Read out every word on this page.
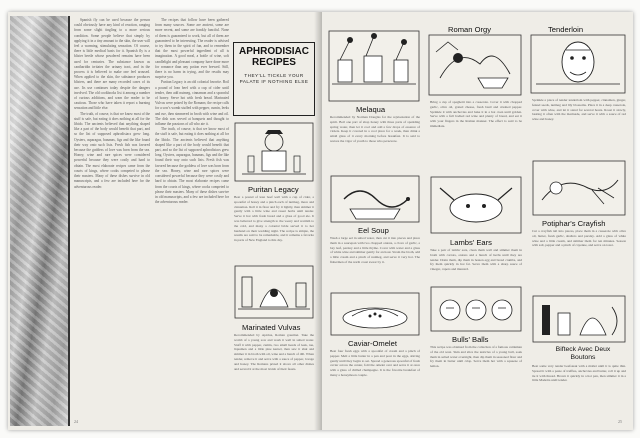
Spanish fly can be used because the person could obviously have any kind of reaction, ranging from some slight tingling to a more serious condition. Some people believe that simply by applying it in a tiny amount to the skin, the user will feel a warming, stimulating sensation. Of course, there is little medical basis for it. Spanish fly is a blister beetle whose powdered remains have been used for centuries. The substance known as cantharidin irritates the urinary tract, and in the process it is believed to make one feel aroused. When applied to the skin, the substance produces blisters, and there are many recorded cases of its use. Its use continues today despite the dangers involved. The old cookbooks list it among a number of curious additions, and warn the reader to be cautious. Those who have taken it report a burning sensation and little else.

The truth, of course, is that we know most of the stuff is safe, but eating it does nothing at all for the libido. The ancients believed that anything shaped like a part of the body would benefit that part, and so the list of supposed aphrodisiacs grew long. Oysters, asparagus, bananas, figs and the like found their way onto such lists. Fresh fish was favored because the goddess of love was born from the sea. Honey, wine and rare spices were considered powerful because they were costly and hard to obtain. The most elaborate recipes came from the courts of kings, where cooks competed to please their masters. Many of these dishes survive in old manuscripts, and a few are included here for the adventurous reader.

The recipes that follow have been gathered from many sources. Some are ancient, some are more recent, and some are frankly fanciful. None of them is guaranteed to work, but all of them are guaranteed to be interesting. The reader is advised to try them in the spirit of fun, and to remember that the most powerful ingredient of all is imagination. A good meal, a bottle of wine, soft candlelight and pleasant company have done more for romance than any potion ever brewed. Still, there is no harm in trying, and the results may surprise you.

Puritan Legacy is an old colonial favorite. Boil a pound of lean beef with a cup of cider until tender, then add nutmeg, cinnamon and a spoonful of honey. Serve hot with fresh bread. Marinated Vulvas were prized by the Romans; the recipe calls for a sow's womb stuffed with pepper, cumin, leeks and rue, then simmered in broth with wine and oil. The dish was served at banquets and thought to inflame the passions of all who ate it.

The truth, of course, is that we know most of the stuff is safe, but eating it does nothing at all for the libido. The ancients believed that anything shaped like a part of the body would benefit that part, and so the list of supposed aphrodisiacs grew long. Oysters, asparagus, bananas, figs and the like found their way onto such lists. Fresh fish was favored because the goddess of love was born from the sea. Honey, wine and rare spices were considered powerful because they were costly and hard to obtain. The most elaborate recipes came from the courts of kings, where cooks competed to please their masters. Many of these dishes survive in old manuscripts, and a few are included here for the adventurous reader.

APHRODISIAC RECIPES
THEY'LL TICKLE YOUR PALATE IF NOTHING ELSE
Puritan Legacy

Beat a pound of lean beef well with a cup of cider, a spoonful of honey and a pinch each of nutmeg, mace and cinnamon. Roll it in flour and fry it lightly, then simmer it gently with a little wine and sweet herbs until tender. Serve it hot with fresh bread and a glass of good ale. It was believed to give strength to the weary and warmth to the cold, and many a colonial bride served it to her husband on their wedding night. The recipe is simple, the results are said to be remarkable, and it remains a favorite in parts of New England to this day.

Marinated Vulvas

Recommended by Apicius, Roman gourmet. Take the womb of a young sow and wash it well in salted water. Stuff it with pepper, cumin, two small heads of leek, rue, liquamen and a little pine kernel, then sew it shut and simmer it in broth with oil, wine and a bunch of dill. When tender, remove it and serve with a sauce of pepper, lovage and honey. The Romans prized it above all other dishes and served it at the most lavish of their feasts.

24
Melaqua

Recommended by Norman Douglas for the rejuvenation of the spirit. Boil one part of shop honey with three parts of sparkling spring water, then let it cool and add a few drops of essence of violets. Keep it covered in a cool place for a week, then drink a small glass of it every morning before breakfast. It is said to restore the vigor of youth to those who persevere.

Eel Soup

Wash a large eel in salted water, then cut it into pieces and place them in a saucepan with two chopped onions, a clove of garlic, a bay leaf, parsley and a little thyme. Cover with water and a glass of white wine and simmer gently for an hour. Strain the broth, add a little cream and a pinch of nutmeg, and serve it very hot. The fishermen of the north coast swear by it.

Caviar-Omelet

Beat four fresh eggs with a spoonful of cream and a pinch of pepper. Melt a little butter in a pan and pour in the eggs, stirring gently until they begin to set. Spread a generous spoonful of fresh caviar across the center, fold the omelet over and serve it at once with a glass of chilled champagne. It is the favorite breakfast of many a honeymoon couple.

Roman Orgy

Bring a cup of spaghetti into a casserole. Cover it with chopped garlic, olive oil, grated cheese, fresh basil and crushed pepper. Sprinkle it with anchovies and bake it in a hot oven until golden. Serve with a full bodied red wine and plenty of bread, and eat it with your fingers in the Roman manner. The effect is said to be immediate.

Lambs' Ears

Take a pair of lambs' ears, clean them well and simmer them in broth with carrots, onions and a bunch of herbs until they are tender. Drain them, dip them in beaten egg and bread crumbs, and fry them quickly in hot fat. Serve them with a sharp sauce of vinegar, capers and mustard.

Bulls' Balls

This recipe was obtained from the collection of a famous cattleman of the old west. Skin and slice the testicles of a young bull, soak them in salted water overnight, then dip them in seasoned flour and fry them in butter until crisp. Serve them hot with a squeeze of lemon.

Tenderloin

Sprinkle a piece of tender tenderloin with pepper, cinnamon, ginger, fennel seeds, nutmeg and lily blossoms. Place it in a deep casserole, cover with wine, and let it stand for several hours. Roast it slowly, basting it often with the marinade, and serve it with a sauce of red wine and honey.

Potiphar's Crayfish

Cut a crayfish tail into pieces, place them in a casserole with olive oil, butter, fresh garlic, shallots and parsley. Add a glass of white wine and a little cream, and simmer them for ten minutes. Season with salt, pepper and a pinch of cayenne, and serve on toast.

Bifteck Avec Deux Boutons

Beat some very tender beefsteak with a mallet until it is quite thin. Spread it with a paste of truffles, anchovies and butter, roll it up and tie it with thread. Brown it quickly in a hot pan, then simmer it in a little Madeira until tender.

25
